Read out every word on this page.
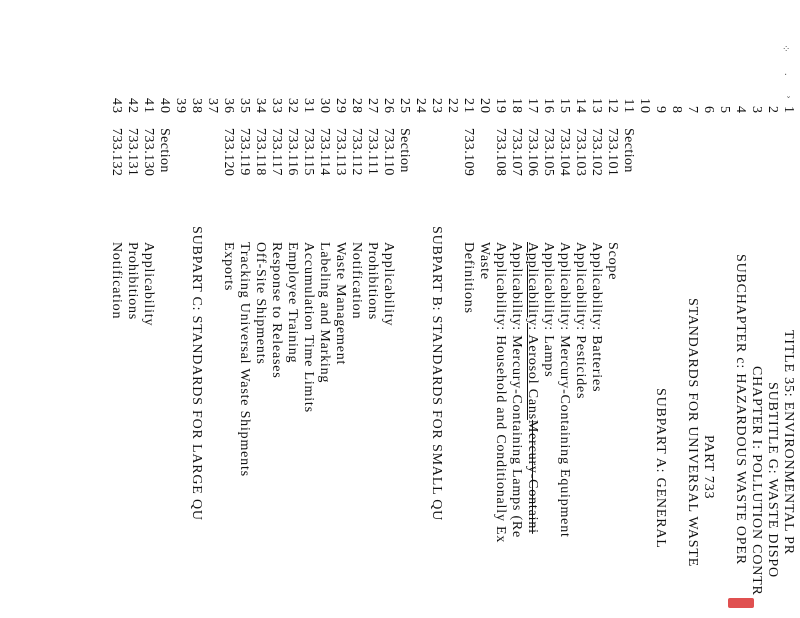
1
TITLE 35: ENVIRONMENTAL PR
2
SUBTITLE G: WASTE DISPO
3
CHAPTER I: POLLUTION CONTR
4
SUBCHAPTER c: HAZARDOUS WASTE OPER
5
6
PART 733
7
STANDARDS FOR UNIVERSAL WASTE
8
9
SUBPART A: GENERAL
10
11
Section
12
733.101
Scope
13
733.102
Applicability: Batteries
14
733.103
Applicability: Pesticides
15
733.104
Applicability: Mercury-Containing Equipment
16
733.105
Applicability: Lamps
17
733.106
Applicability: Aerosol CansMercury-Containi
18
733.107
Applicability: Mercury-Containing Lamps (Re
19
733.108
Applicability: Household and Conditionally Ex
20
Waste
21
733.109
Definitions
22
23
SUBPART B: STANDARDS FOR SMALL QU
24
25
Section
26
733.110
Applicability
27
733.111
Prohibitions
28
733.112
Notification
29
733.113
Waste Management
30
733.114
Labeling and Marking
31
733.115
Accumulation Time Limits
32
733.116
Employee Training
33
733.117
Response to Releases
34
733.118
Off-Site Shipments
35
733.119
Tracking Universal Waste Shipments
36
733.120
Exports
37
38
SUBPART C: STANDARDS FOR LARGE QU
39
40
Section
41
733.130
Applicability
42
733.131
Prohibitions
43
733.132
Notification
⁘
·
ˇ
